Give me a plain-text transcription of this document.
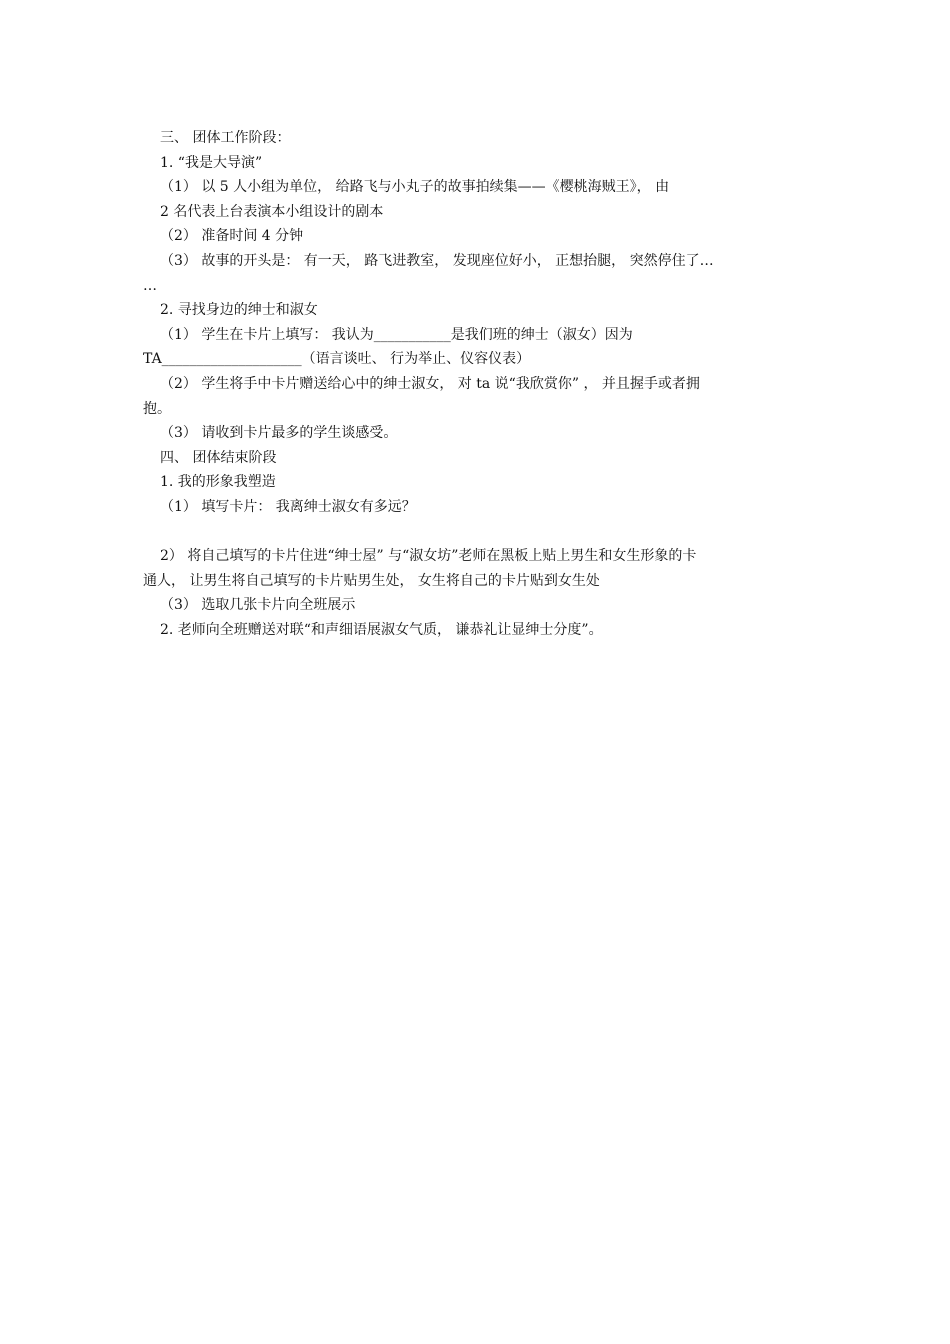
三、 团体工作阶段：
1. “我是大导演”
（1） 以 5 人小组为单位， 给路飞与小丸子的故事拍续集——《樱桃海贼王》， 由
2 名代表上台表演本小组设计的剧本
（2） 准备时间 4 分钟
（3） 故事的开头是： 有一天， 路飞进教室， 发现座位好小， 正想抬腿， 突然停住了…
…
2. 寻找身边的绅士和淑女
（1） 学生在卡片上填写： 我认为___________是我们班的绅士（淑女）因为
TA____________________（语言谈吐、 行为举止、仪容仪表）
（2） 学生将手中卡片赠送给心中的绅士淑女， 对 ta 说“我欣赏你” ， 并且握手或者拥
抱。
（3） 请收到卡片最多的学生谈感受。
四、 团体结束阶段
1. 我的形象我塑造
（1） 填写卡片： 我离绅士淑女有多远？
2） 将自己填写的卡片住进“绅士屋” 与“淑女坊”老师在黑板上贴上男生和女生形象的卡
通人， 让男生将自己填写的卡片贴男生处， 女生将自己的卡片贴到女生处
（3） 选取几张卡片向全班展示
2. 老师向全班赠送对联“和声细语展淑女气质， 谦恭礼让显绅士分度”。
